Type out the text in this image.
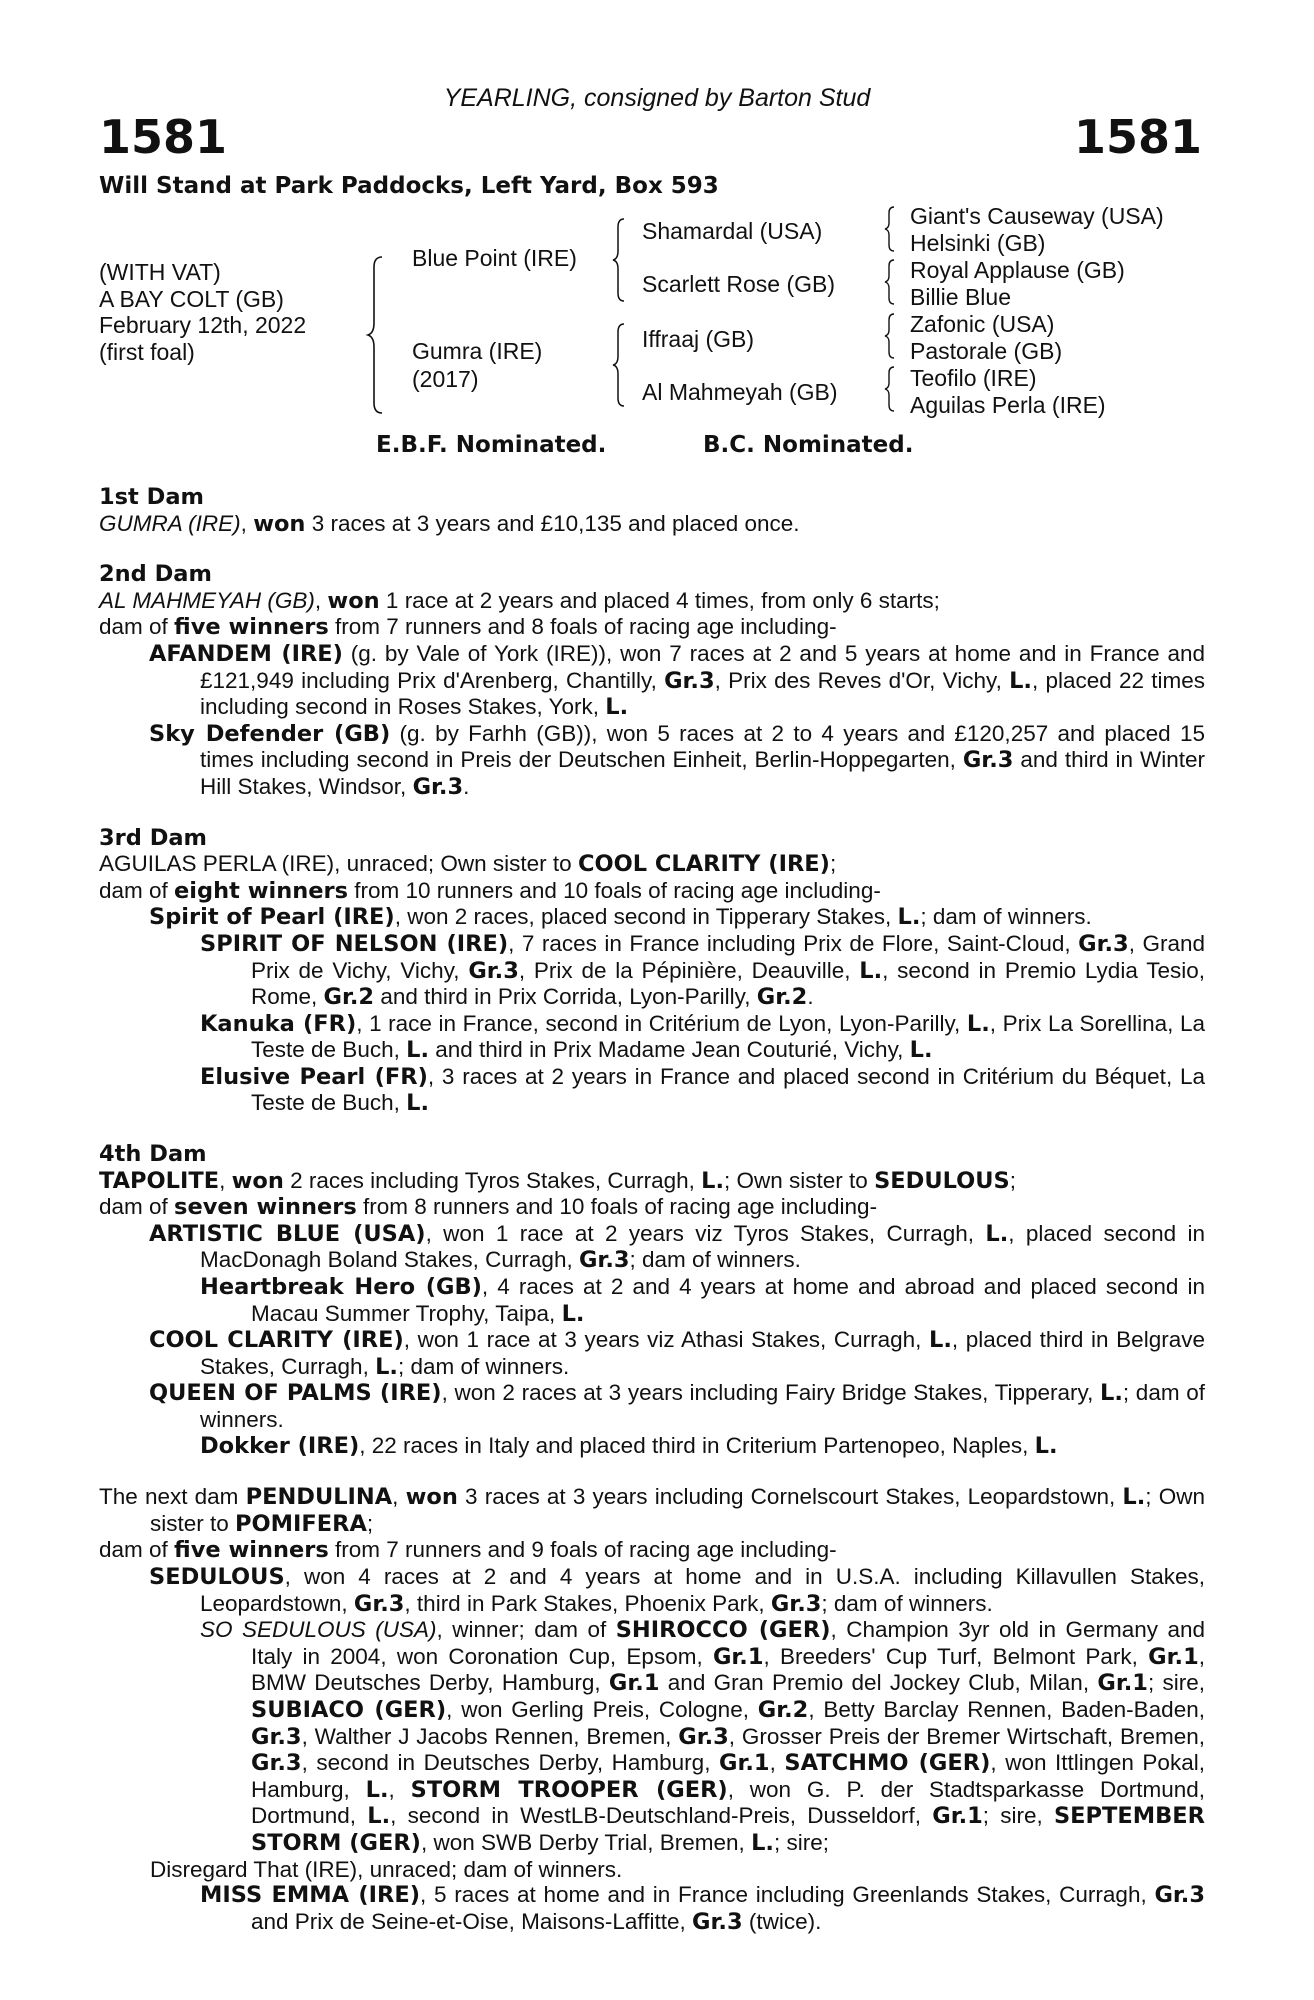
YEARLING, consigned by Barton Stud
1581	1581
Will Stand at Park Paddocks, Left Yard, Box 593
(WITH VAT)
A BAY COLT (GB)
February 12th, 2022
(first foal)
Blue Point (IRE)
Gumra (IRE)
(2017)
Shamardal (USA)
Scarlett Rose (GB)
Iffraaj (GB)
Al Mahmeyah (GB)
Giant's Causeway (USA)
Helsinki (GB)
Royal Applause (GB)
Billie Blue
Zafonic (USA)
Pastorale (GB)
Teofilo (IRE)
Aguilas Perla (IRE)
E.B.F. Nominated.	B.C. Nominated.
1st Dam

GUMRA (IRE), won 3 races at 3 years and £10,135 and placed once.

2nd Dam

AL MAHMEYAH (GB), won 1 race at 2 years and placed 4 times, from only 6 starts;

dam of five winners from 7 runners and 8 foals of racing age including-

AFANDEM (IRE) (g. by Vale of York (IRE)), won 7 races at 2 and 5 years at home and in France and £121,949 including Prix d'Arenberg, Chantilly, Gr.3, Prix des Reves d'Or, Vichy, L., placed 22 times including second in Roses Stakes, York, L.

Sky Defender (GB) (g. by Farhh (GB)), won 5 races at 2 to 4 years and £120,257 and placed 15 times including second in Preis der Deutschen Einheit, Berlin-Hoppegarten, Gr.3 and third in Winter Hill Stakes, Windsor, Gr.3.

3rd Dam

AGUILAS PERLA (IRE), unraced; Own sister to COOL CLARITY (IRE);

dam of eight winners from 10 runners and 10 foals of racing age including-

Spirit of Pearl (IRE), won 2 races, placed second in Tipperary Stakes, L.; dam of winners.

SPIRIT OF NELSON (IRE), 7 races in France including Prix de Flore, Saint-Cloud, Gr.3, Grand Prix de Vichy, Vichy, Gr.3, Prix de la Pépinière, Deauville, L., second in Premio Lydia Tesio, Rome, Gr.2 and third in Prix Corrida, Lyon-Parilly, Gr.2.

Kanuka (FR), 1 race in France, second in Critérium de Lyon, Lyon-Parilly, L., Prix La Sorellina, La Teste de Buch, L. and third in Prix Madame Jean Couturié, Vichy, L.

Elusive Pearl (FR), 3 races at 2 years in France and placed second in Critérium du Béquet, La Teste de Buch, L.

4th Dam

TAPOLITE, won 2 races including Tyros Stakes, Curragh, L.; Own sister to SEDULOUS;

dam of seven winners from 8 runners and 10 foals of racing age including-

ARTISTIC BLUE (USA), won 1 race at 2 years viz Tyros Stakes, Curragh, L., placed second in MacDonagh Boland Stakes, Curragh, Gr.3; dam of winners.

Heartbreak Hero (GB), 4 races at 2 and 4 years at home and abroad and placed second in Macau Summer Trophy, Taipa, L.

COOL CLARITY (IRE), won 1 race at 3 years viz Athasi Stakes, Curragh, L., placed third in Belgrave Stakes, Curragh, L.; dam of winners.

QUEEN OF PALMS (IRE), won 2 races at 3 years including Fairy Bridge Stakes, Tipperary, L.; dam of winners.

Dokker (IRE), 22 races in Italy and placed third in Criterium Partenopeo, Naples, L.

The next dam PENDULINA, won 3 races at 3 years including Cornelscourt Stakes, Leopardstown, L.; Own sister to POMIFERA;

dam of five winners from 7 runners and 9 foals of racing age including-

SEDULOUS, won 4 races at 2 and 4 years at home and in U.S.A. including Killavullen Stakes, Leopardstown, Gr.3, third in Park Stakes, Phoenix Park, Gr.3; dam of winners.

SO SEDULOUS (USA), winner; dam of SHIROCCO (GER), Champion 3yr old in Germany and Italy in 2004, won Coronation Cup, Epsom, Gr.1, Breeders' Cup Turf, Belmont Park, Gr.1, BMW Deutsches Derby, Hamburg, Gr.1 and Gran Premio del Jockey Club, Milan, Gr.1; sire, SUBIACO (GER), won Gerling Preis, Cologne, Gr.2, Betty Barclay Rennen, Baden-Baden, Gr.3, Walther J Jacobs Rennen, Bremen, Gr.3, Grosser Preis der Bremer Wirtschaft, Bremen, Gr.3, second in Deutsches Derby, Hamburg, Gr.1, SATCHMO (GER), won Ittlingen Pokal, Hamburg, L., STORM TROOPER (GER), won G. P. der Stadtsparkasse Dortmund, Dortmund, L., second in WestLB-Deutschland-Preis, Dusseldorf, Gr.1; sire, SEPTEMBER STORM (GER), won SWB Derby Trial, Bremen, L.; sire;

Disregard That (IRE), unraced; dam of winners.

MISS EMMA (IRE), 5 races at home and in France including Greenlands Stakes, Curragh, Gr.3 and Prix de Seine-et-Oise, Maisons-Laffitte, Gr.3 (twice).
